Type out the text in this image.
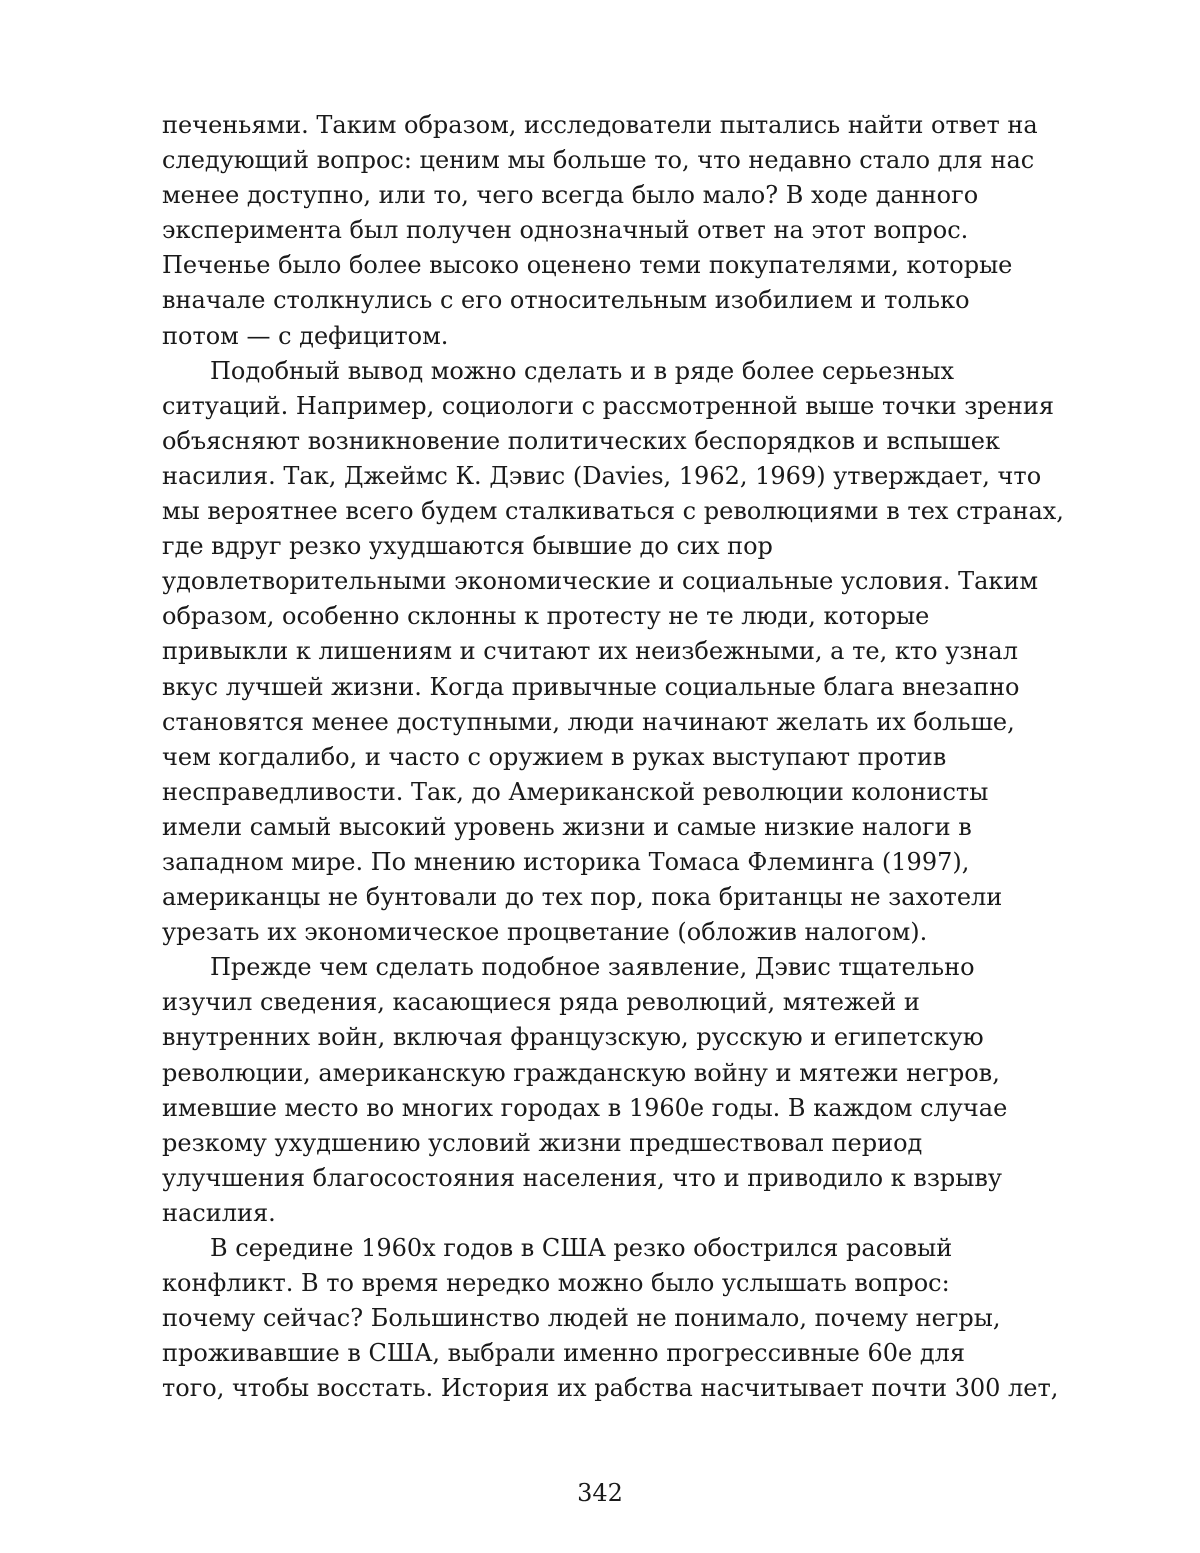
печеньями. Таким образом, исследователи пытались найти ответ на
следующий вопрос: ценим мы больше то, что недавно стало для нас
менее доступно, или то, чего всегда было мало? В ходе данного
эксперимента был получен однозначный ответ на этот вопрос.
Печенье было более высоко оценено теми покупателями, которые
вначале столкнулись с его относительным изобилием и только
потом — с дефицитом.
Подобный вывод можно сделать и в ряде более серьезных
ситуаций. Например, социологи с рассмотренной выше точки зрения
объясняют возникновение политических беспорядков и вспышек
насилия. Так, Джеймс К. Дэвис (Davies, 1962, 1969) утверждает, что
мы вероятнее всего будем сталкиваться с революциями в тех странах,
где вдруг резко ухудшаются бывшие до сих пор
удовлетворительными экономические и социальные условия. Таким
образом, особенно склонны к протесту не те люди, которые
привыкли к лишениям и считают их неизбежными, а те, кто узнал
вкус лучшей жизни. Когда привычные социальные блага внезапно
становятся менее доступными, люди начинают желать их больше,
чем когдалибо, и часто с оружием в руках выступают против
несправедливости. Так, до Американской революции колонисты
имели самый высокий уровень жизни и самые низкие налоги в
западном мире. По мнению историка Томаса Флеминга (1997),
американцы не бунтовали до тех пор, пока британцы не захотели
урезать их экономическое процветание (обложив налогом).
Прежде чем сделать подобное заявление, Дэвис тщательно
изучил сведения, касающиеся ряда революций, мятежей и
внутренних войн, включая французскую, русскую и египетскую
революции, американскую гражданскую войну и мятежи негров,
имевшие место во многих городах в 1960е годы. В каждом случае
резкому ухудшению условий жизни предшествовал период
улучшения благосостояния населения, что и приводило к взрыву
насилия.
В середине 1960х годов в США резко обострился расовый
конфликт. В то время нередко можно было услышать вопрос:
почему сейчас? Большинство людей не понимало, почему негры,
проживавшие в США, выбрали именно прогрессивные 60е для
того, чтобы восстать. История их рабства насчитывает почти 300 лет,
342
